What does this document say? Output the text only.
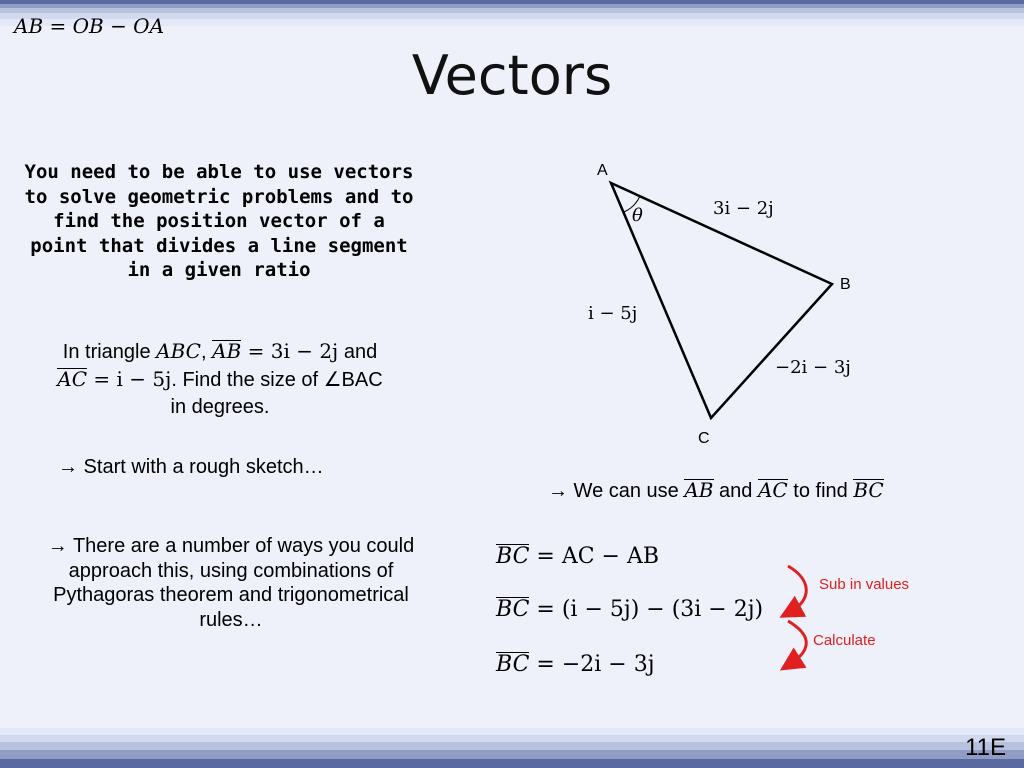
AB = OB − OA
Vectors
You need to be able to use vectors to solve geometric problems and to find the position vector of a point that divides a line segment in a given ratio
In triangle ABC, AB = 3i − 2j and
AC = i − 5j. Find the size of ∠BAC
in degrees.
→ Start with a rough sketch…
→ There are a number of ways you could approach this, using combinations of Pythagoras theorem and trigonometrical rules…
A
B
C
θ	3i − 2j
i − 5j
−2i − 3j
→ We can use AB and AC to find BC
BC = AC − AB
BC = (i − 5j) − (3i − 2j)
BC = −2i − 3j
Sub in values
Calculate
11E
